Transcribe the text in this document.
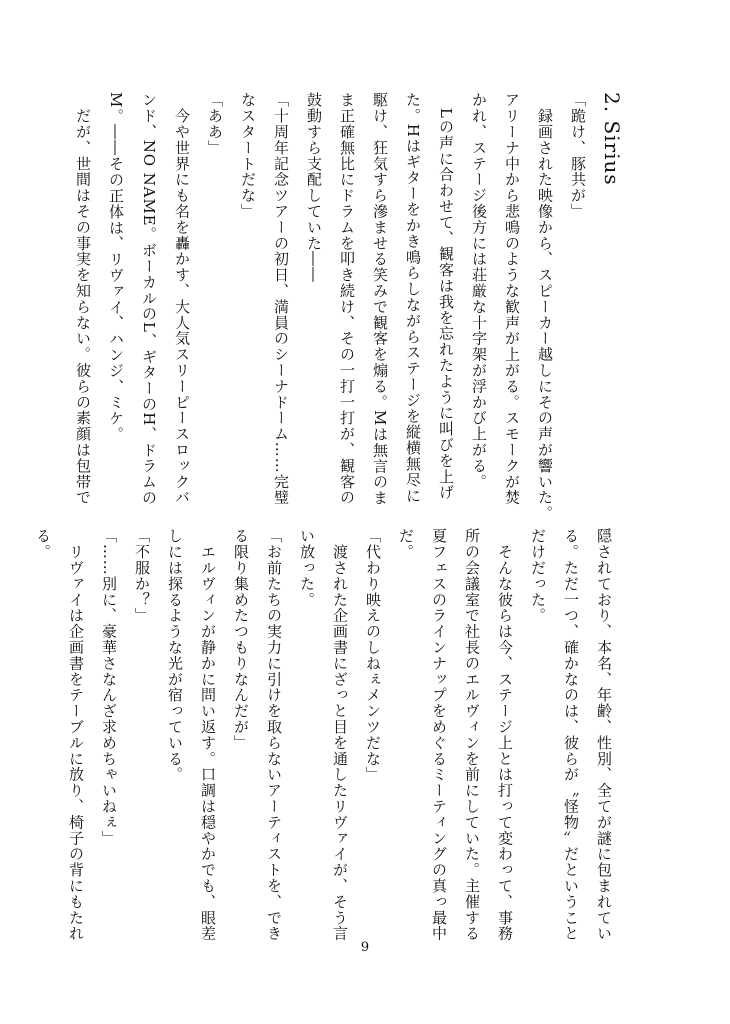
2. Sirius

「跪け、豚共が」

　録画された映像から、スピーカー越しにその声が響いた。

アリーナ中から悲鳴のような歓声が上がる。スモークが焚

かれ、ステージ後方には荘厳な十字架が浮かび上がる。

　Lの声に合わせて、観客は我を忘れたように叫びを上げ

た。Hはギターをかき鳴らしながらステージを縦横無尽に

駆け、狂気すら滲ませる笑みで観客を煽る。Mは無言のま

ま正確無比にドラムを叩き続け、その一打一打が、観客の

鼓動すら支配していた――

「十周年記念ツアーの初日、満員のシーナドーム……完璧

なスタートだな」

「ああ」

　今や世界にも名を轟かす、大人気スリーピースロックバ

ンド、NO NAME。ボーカルのL、ギターのH、ドラムの

M。――その正体は、リヴァイ、ハンジ、ミケ。

　だが、世間はその事実を知らない。彼らの素顔は包帯で

隠されており、本名、年齢、性別、全てが謎に包まれてい

る。ただ一つ、確かなのは、彼らが〝怪物〟だということ

だけだった。

　そんな彼らは今、ステージ上とは打って変わって、事務

所の会議室で社長のエルヴィンを前にしていた。主催する

夏フェスのラインナップをめぐるミーティングの真っ最中

だ。

「代わり映えのしねぇメンツだな」

　渡された企画書にざっと目を通したリヴァイが、そう言

い放った。

「お前たちの実力に引けを取らないアーティストを、でき

る限り集めたつもりなんだが」

　エルヴィンが静かに問い返す。口調は穏やかでも、眼差

しには探るような光が宿っている。

「不服か？」

「……別に、豪華さなんざ求めちゃいねぇ」

　リヴァイは企画書をテーブルに放り、椅子の背にもたれ

る。

9
